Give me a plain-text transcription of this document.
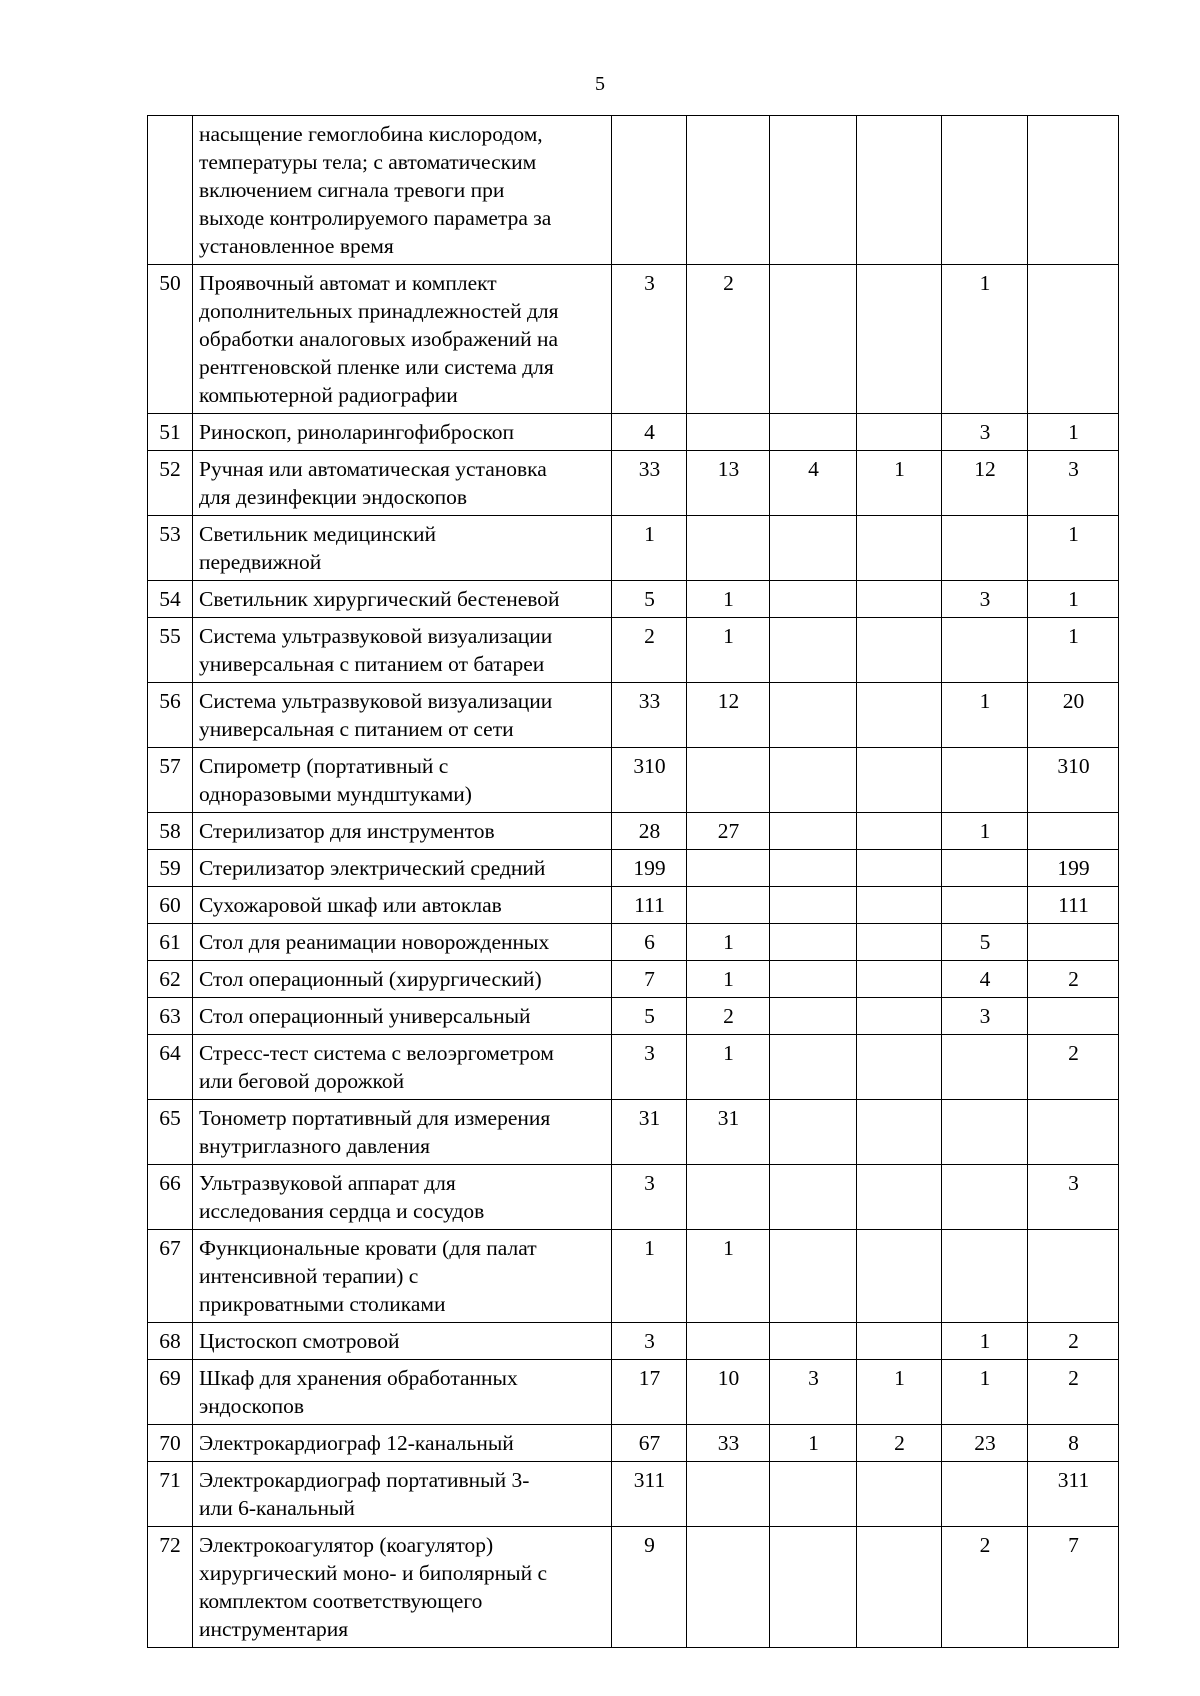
5
	насыщение гемоглобина кислородом,
температуры тела; с автоматическим
включением сигнала тревоги при
выходе контролируемого параметра за
установленное время						
50	Проявочный автомат и комплект
дополнительных принадлежностей для
обработки аналоговых изображений на
рентгеновской пленке или система для
компьютерной радиографии	3	2			1	
51	Риноскоп, риноларингофиброскоп	4				3	1
52	Ручная или автоматическая установка
для дезинфекции эндоскопов	33	13	4	1	12	3
53	Светильник медицинский
передвижной	1					1
54	Светильник хирургический бестеневой	5	1			3	1
55	Система ультразвуковой визуализации
универсальная с питанием от батареи	2	1				1
56	Система ультразвуковой визуализации
универсальная с питанием от сети	33	12			1	20
57	Спирометр (портативный с
одноразовыми мундштуками)	310					310
58	Стерилизатор для инструментов	28	27			1	
59	Стерилизатор электрический средний	199					199
60	Сухожаровой шкаф или автоклав	111					111
61	Стол для реанимации новорожденных	6	1			5	
62	Стол операционный (хирургический)	7	1			4	2
63	Стол операционный универсальный	5	2			3	
64	Стресс-тест система с велоэргометром
или беговой дорожкой	3	1				2
65	Тонометр портативный для измерения
внутриглазного давления	31	31				
66	Ультразвуковой аппарат для
исследования сердца и сосудов	3					3
67	Функциональные кровати (для палат
интенсивной терапии) с
прикроватными столиками	1	1				
68	Цистоскоп смотровой	3				1	2
69	Шкаф для хранения обработанных
эндоскопов	17	10	3	1	1	2
70	Электрокардиограф 12-канальный	67	33	1	2	23	8
71	Электрокардиограф портативный 3-
или 6-канальный	311					311
72	Электрокоагулятор (коагулятор)
хирургический моно- и биполярный с
комплектом соответствующего
инструментария	9				2	7
